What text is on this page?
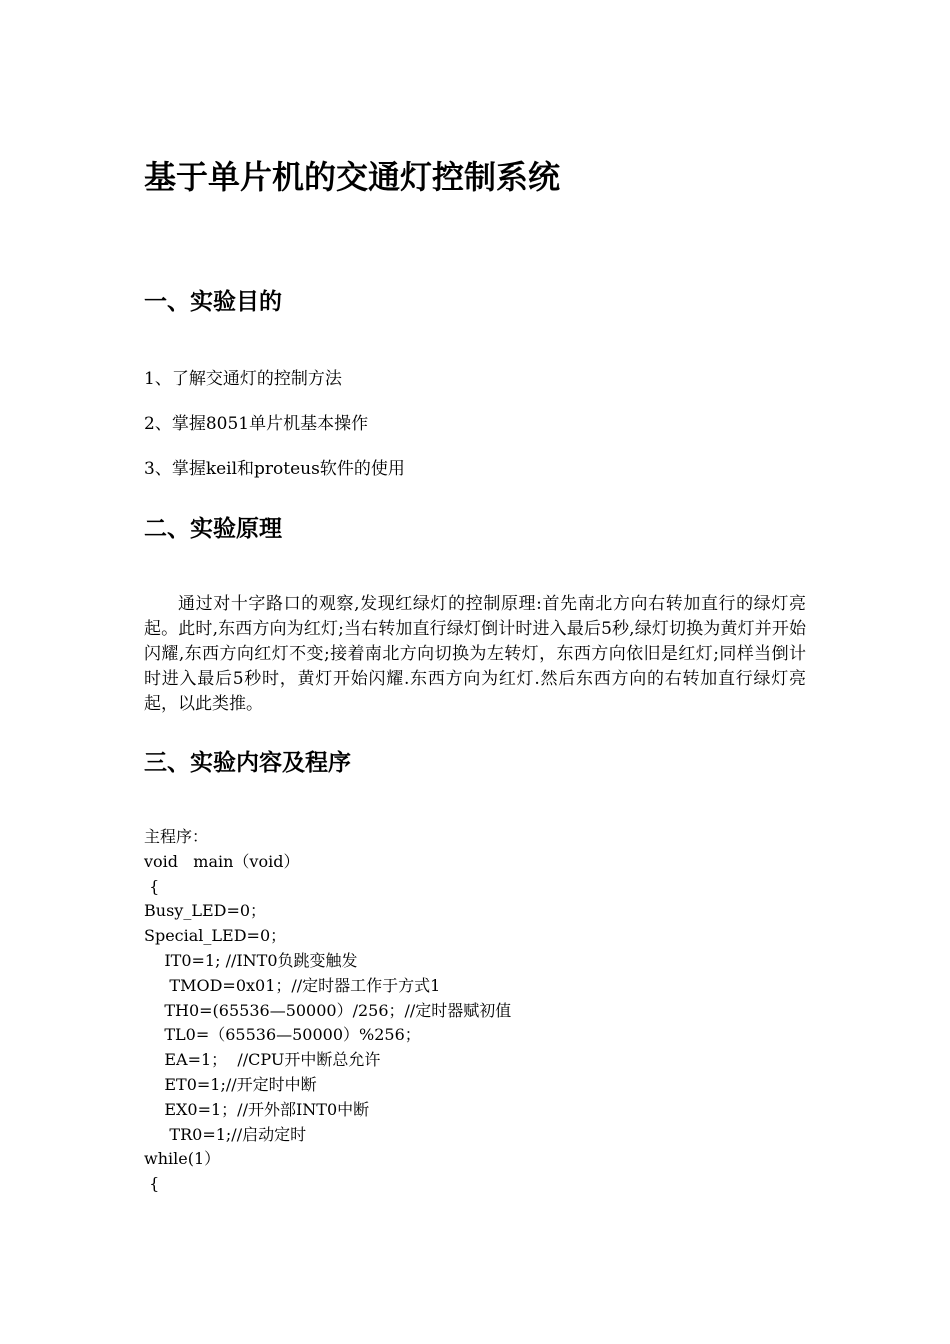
基于单片机的交通灯控制系统
一、实验目的

1、了解交通灯的控制方法

2、掌握8051单片机基本操作

3、掌握keil和proteus软件的使用

二、实验原理

通过对十字路口的观察,发现红绿灯的控制原理:首先南北方向右转加直行的绿灯亮起。此时,东西方向为红灯;当右转加直行绿灯倒计时进入最后5秒,绿灯切换为黄灯并开始闪耀,东西方向红灯不变;接着南北方向切换为左转灯，东西方向依旧是红灯;同样当倒计时进入最后5秒时，黄灯开始闪耀.东西方向为红灯.然后东西方向的右转加直行绿灯亮起，以此类推。

三、实验内容及程序
主程序：
void   main（void）
{
Busy_LED=0；
Special_LED=0；
IT0=1; //INT0负跳变触发
TMOD=0x01；//定时器工作于方式1
TH0=(65536—50000）/256；//定时器赋初值
TL0=（65536—50000）%256；
EA=1；  //CPU开中断总允许
ET0=1;//开定时中断
EX0=1；//开外部INT0中断
TR0=1;//启动定时
while(1）
{
